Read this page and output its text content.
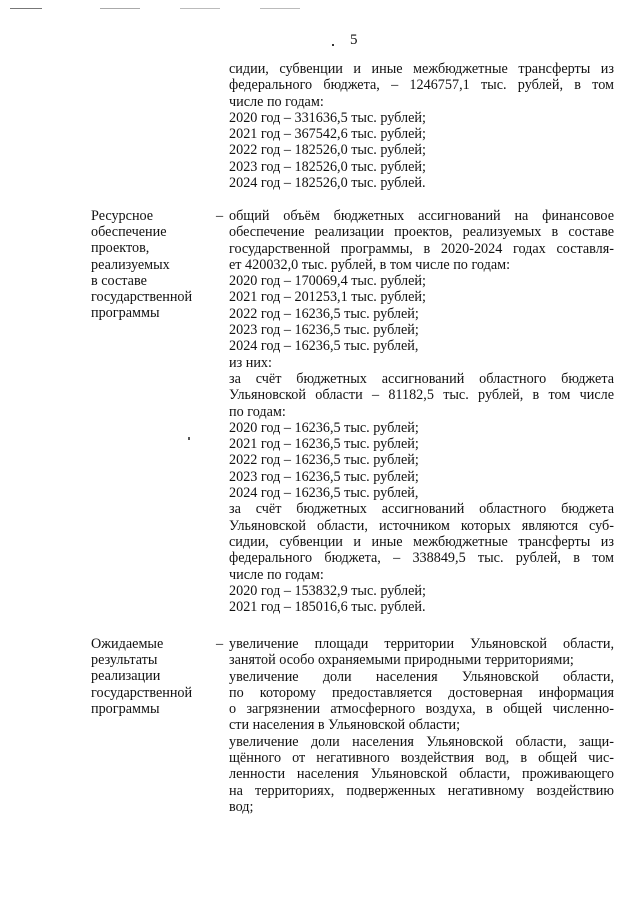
5

сидии, субвенции и иные межбюджетные трансферты из

федерального бюджета, – 1246757,1 тыс. рублей, в том

числе по годам:

2020 год – 331636,5 тыс. рублей;

2021 год – 367542,6 тыс. рублей;

2022 год – 182526,0 тыс. рублей;

2023 год – 182526,0 тыс. рублей;

2024 год – 182526,0 тыс. рублей.

Ресурсное
обеспечение
проектов,
реализуемых
в составе
государственной
программы
– общий объём бюджетных ассигнований на финансовое

обеспечение реализации проектов, реализуемых в составе

государственной программы, в 2020-2024 годах составля-

ет 420032,0 тыс. рублей, в том числе по годам:

2020 год – 170069,4 тыс. рублей;

2021 год – 201253,1 тыс. рублей;

2022 год – 16236,5 тыс. рублей;

2023 год – 16236,5 тыс. рублей;

2024 год – 16236,5 тыс. рублей,

из них:

за счёт бюджетных ассигнований областного бюджета

Ульяновской области – 81182,5 тыс. рублей, в том числе

по годам:

2020 год – 16236,5 тыс. рублей;

2021 год – 16236,5 тыс. рублей;

2022 год – 16236,5 тыс. рублей;

2023 год – 16236,5 тыс. рублей;

2024 год – 16236,5 тыс. рублей,

за счёт бюджетных ассигнований областного бюджета

Ульяновской области, источником которых являются суб-

сидии, субвенции и иные межбюджетные трансферты из

федерального бюджета, – 338849,5 тыс. рублей, в том

числе по годам:

2020 год – 153832,9 тыс. рублей;

2021 год – 185016,6 тыс. рублей.

Ожидаемые
результаты
реализации
государственной
программы
– увеличение площади территории Ульяновской области,

занятой особо охраняемыми природными территориями;

увеличение доли населения Ульяновской области,

по которому предоставляется достоверная информация

о загрязнении атмосферного воздуха, в общей численно-

сти населения в Ульяновской области;

увеличение доли населения Ульяновской области, защи-

щённого от негативного воздействия вод, в общей чис-

ленности населения Ульяновской области, проживающего

на территориях, подверженных негативному воздействию

вод;
